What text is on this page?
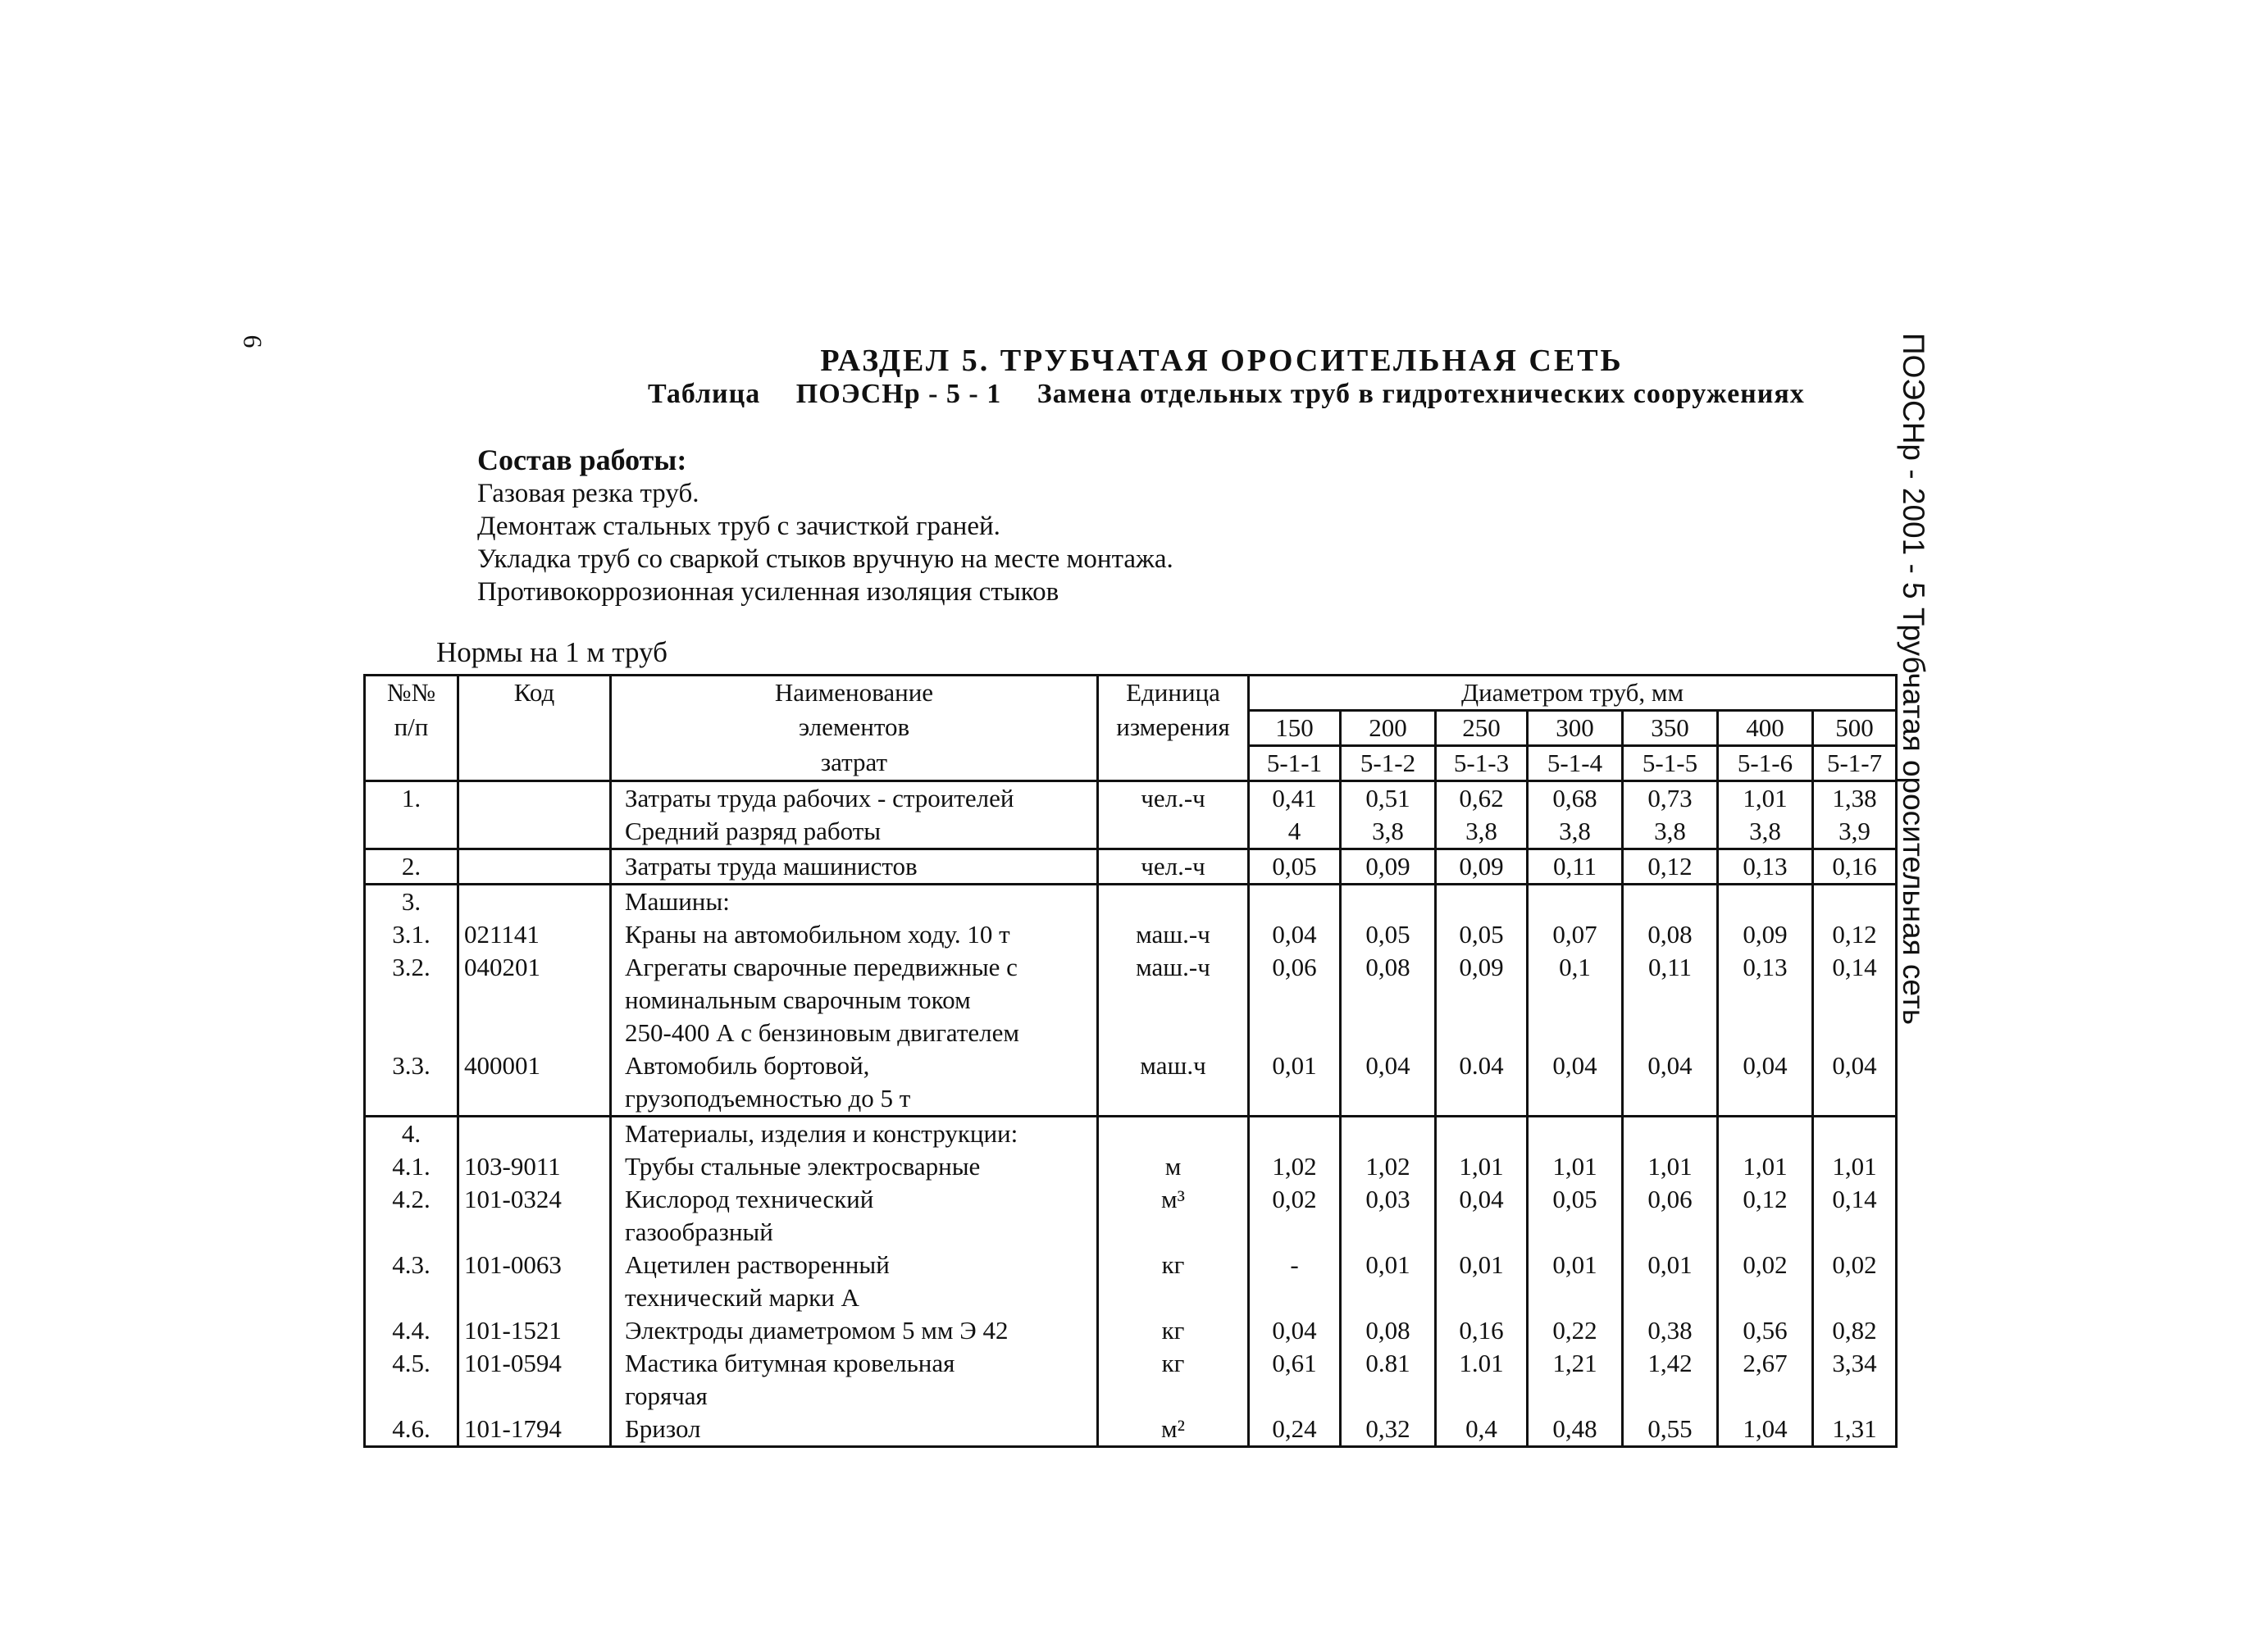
6
РАЗДЕЛ 5. ТРУБЧАТАЯ ОРОСИТЕЛЬНАЯ СЕТЬ
Таблица ПОЭСНр - 5 - 1 Замена отдельных труб в гидротехнических сооружениях
Состав работы:
Газовая резка труб.
Демонтаж стальных труб с зачисткой граней.
Укладка труб со сваркой стыков вручную на месте монтажа.
Противокоррозионная усиленная изоляция стыков
Нормы на 1 м труб	ПОЭСНр - 2001 - 5 Трубчатая оросительная сеть
№№	Код	Наименование	Единица	Диаметром труб, мм						
п/п		элементов	измерения	150	200	250	300	350	400	500
		затрат		5-1-1	5-1-2	5-1-3	5-1-4	5-1-5	5-1-6	5-1-7
1.		Затраты труда рабочих - строителей	чел.-ч	0,41	0,51	0,62	0,68	0,73	1,01	1,38
		Средний разряд работы		4	3,8	3,8	3,8	3,8	3,8	3,9
2.		Затраты труда машинистов	чел.-ч	0,05	0,09	0,09	0,11	0,12	0,13	0,16
3.		Машины:								
3.1.	021141	Краны на автомобильном ходу. 10 т	маш.-ч	0,04	0,05	0,05	0,07	0,08	0,09	0,12
3.2.	040201	Агрегаты сварочные передвижные с	маш.-ч	0,06	0,08	0,09	0,1	0,11	0,13	0,14
		номинальным сварочным током								
		250-400 А с бензиновым двигателем								
3.3.	400001	Автомобиль бортовой,	маш.ч	0,01	0,04	0.04	0,04	0,04	0,04	0,04
		грузоподъемностью до 5 т								
4.		Материалы, изделия и конструкции:								
4.1.	103-9011	Трубы стальные электросварные	м	1,02	1,02	1,01	1,01	1,01	1,01	1,01
4.2.	101-0324	Кислород технический	м³	0,02	0,03	0,04	0,05	0,06	0,12	0,14
		газообразный								
4.3.	101-0063	Ацетилен растворенный	кг	-	0,01	0,01	0,01	0,01	0,02	0,02
		технический марки А								
4.4.	101-1521	Электроды диаметромом 5 мм Э 42	кг	0,04	0,08	0,16	0,22	0,38	0,56	0,82
4.5.	101-0594	Мастика битумная кровельная	кг	0,61	0.81	1.01	1,21	1,42	2,67	3,34
		горячая								
4.6.	101-1794	Бризол	м²	0,24	0,32	0,4	0,48	0,55	1,04	1,31
